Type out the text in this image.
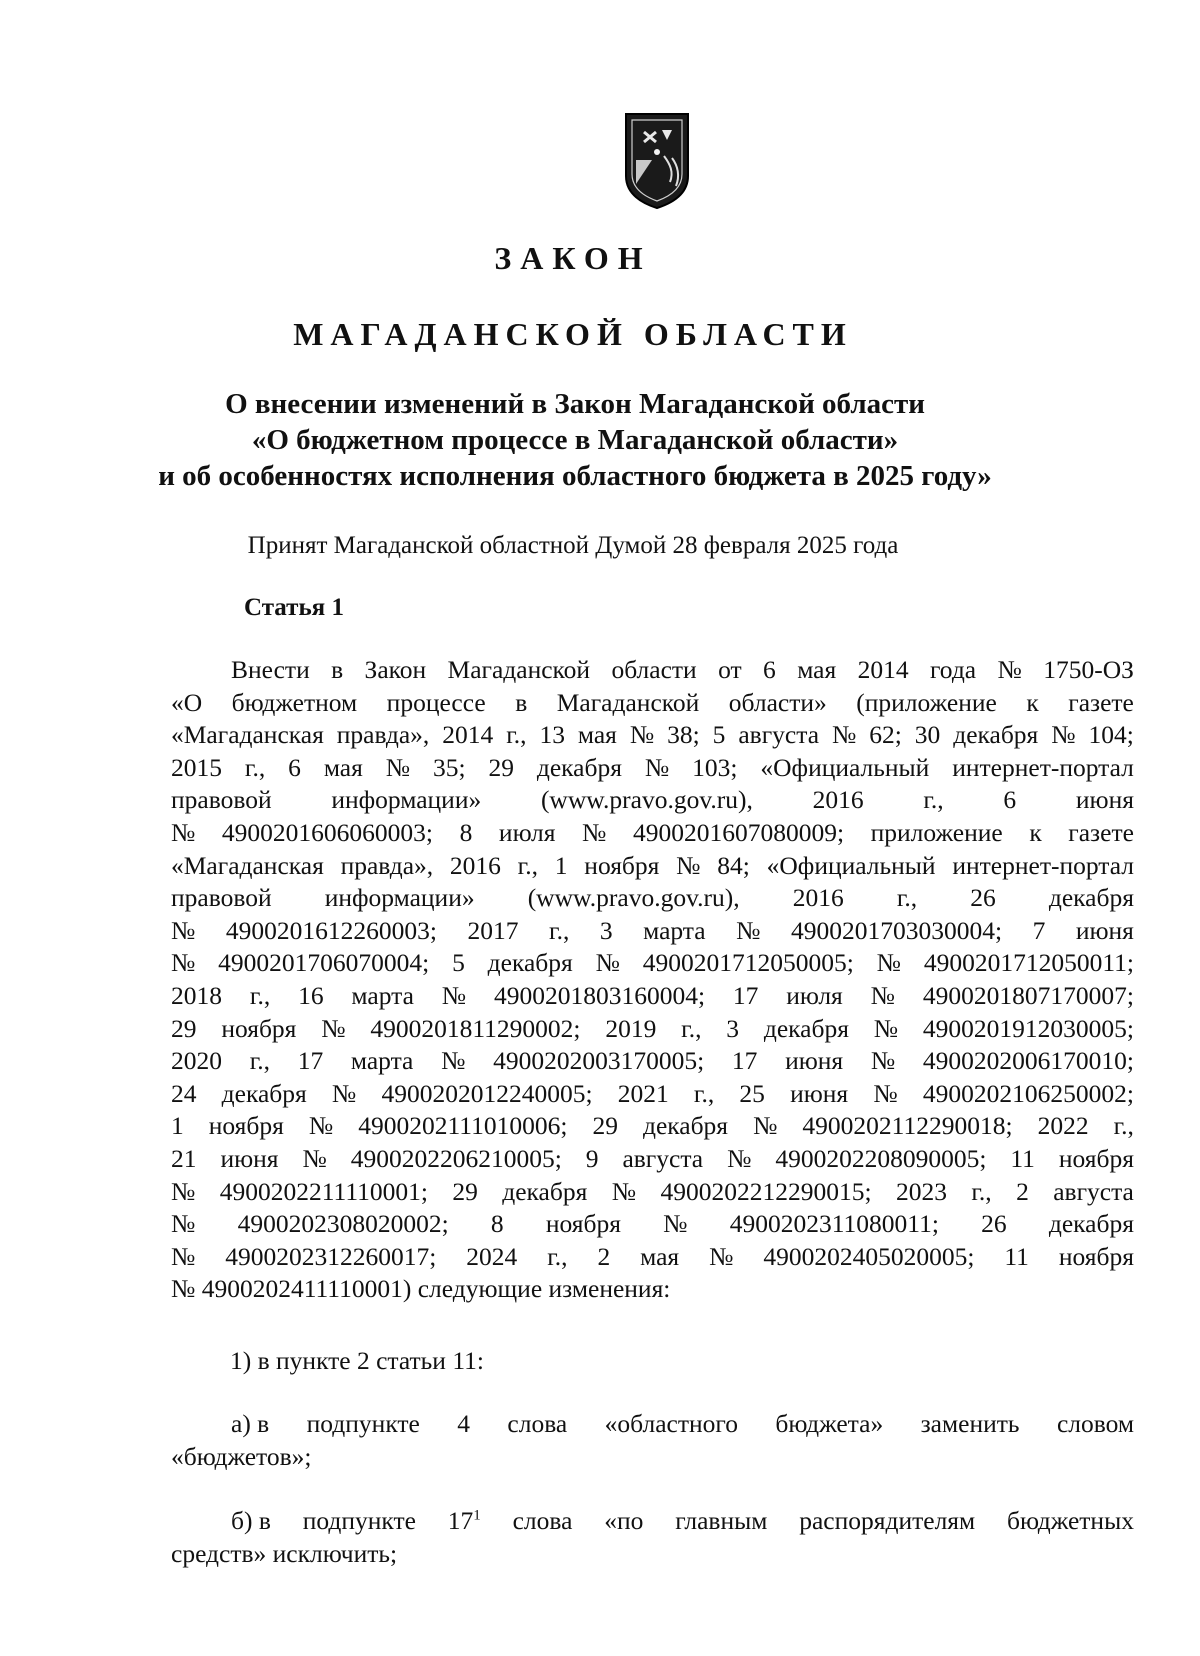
ЗАКОН
МАГАДАНСКОЙ ОБЛАСТИ
О внесении изменений в Закон Магаданской области
«О бюджетном процессе в Магаданской области»
и об особенностях исполнения областного бюджета в 2025 году»
Принят Магаданской областной Думой 28 февраля 2025 года
Статья 1
Внести в Закон Магаданской области от 6 мая 2014 года № 1750-ОЗ
«О бюджетном процессе в Магаданской области» (приложение к газете
«Магаданская правда», 2014 г., 13 мая № 38; 5 августа № 62; 30 декабря № 104;
2015 г., 6 мая № 35; 29 декабря № 103; «Официальный интернет-портал
правовой информации» (www.pravo.gov.ru), 2016 г., 6 июня
№ 4900201606060003; 8 июля № 4900201607080009; приложение к газете
«Магаданская правда», 2016 г., 1 ноября № 84; «Официальный интернет-портал
правовой информации» (www.pravo.gov.ru), 2016 г., 26 декабря
№ 4900201612260003; 2017 г., 3 марта № 4900201703030004; 7 июня
№ 4900201706070004; 5 декабря № 4900201712050005; № 4900201712050011;
2018 г., 16 марта № 4900201803160004; 17 июля № 4900201807170007;
29 ноября № 4900201811290002; 2019 г., 3 декабря № 4900201912030005;
2020 г., 17 марта № 4900202003170005; 17 июня № 4900202006170010;
24 декабря № 4900202012240005; 2021 г., 25 июня № 4900202106250002;
1 ноября № 4900202111010006; 29 декабря № 4900202112290018; 2022 г.,
21 июня № 4900202206210005; 9 августа № 4900202208090005; 11 ноября
№ 4900202211110001; 29 декабря № 4900202212290015; 2023 г., 2 августа
№ 4900202308020002; 8 ноября № 4900202311080011; 26 декабря
№ 4900202312260017; 2024 г., 2 мая № 4900202405020005; 11 ноября
№ 4900202411110001) следующие изменения:
1) в пункте 2 статьи 11:
а) в подпункте 4 слова «областного бюджета» заменить словом
«бюджетов»;
б) в подпункте $17^1$ слова «по главным распорядителям бюджетных
средств» исключить;
